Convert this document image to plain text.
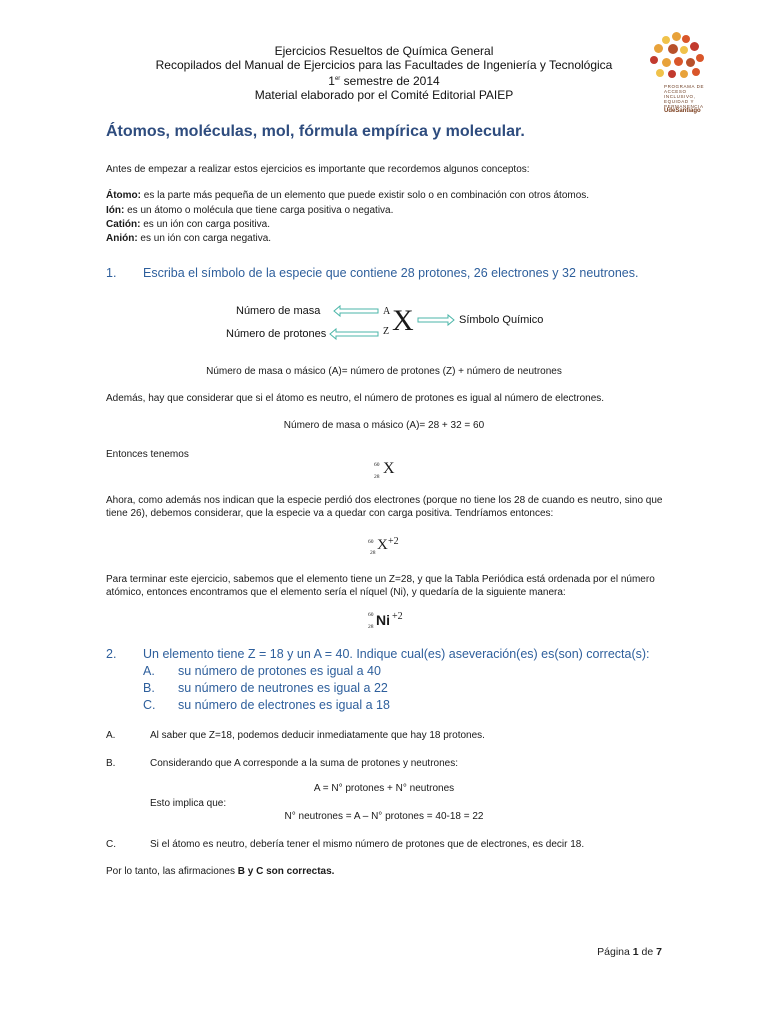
Ejercicios Resueltos de Química General
Recopilados del Manual de Ejercicios para las Facultades de Ingeniería y Tecnológica
1er semestre de 2014
Material elaborado por el Comité Editorial PAIEP
PROGRAMA DE
ACCESO
INCLUSIVO,
EQUIDAD Y
PERMANENCIA
UdeSantiago
Átomos, moléculas, mol, fórmula empírica y molecular.
Antes de empezar a realizar estos ejercicios es importante que recordemos algunos conceptos:
Átomo: es la parte más pequeña de un elemento que puede existir solo o en combinación con otros átomos.
Ión: es un átomo o molécula que tiene carga positiva o negativa.
Catión: es un ión con carga positiva.
Anión: es un ión con carga negativa.
1. Escriba el símbolo de la especie que contiene 28 protones, 26 electrones y 32 neutrones.
Número de masa
Número de protones
A
Z X	Símbolo Químico
Número de masa o másico (A)= número de protones (Z) + número de neutrones
Además, hay que considerar que si el átomo es neutro, el número de protones es igual al número de electrones.
Número de masa o másico (A)= 28 + 32 = 60
Entonces tenemos
60
28 X
Ahora, como además nos indican que la especie perdió dos electrones (porque no tiene los 28 de cuando es neutro, sino que tiene 26), debemos considerar, que la especie va a quedar con carga positiva. Tendríamos entonces:
60
28 X +2
Para terminar este ejercicio, sabemos que el elemento tiene un Z=28, y que la Tabla Periódica está ordenada por el número atómico, entonces encontramos que el elemento sería el níquel (Ni), y quedaría de la siguiente manera:
60
28 Ni +2
2. Un elemento tiene Z = 18 y un A = 40. Indique cual(es) aseveración(es) es(son) correcta(s):
A. su número de protones es igual a 40
B. su número de neutrones es igual a 22
C. su número de electrones es igual a 18
A.	Al saber que Z=18, podemos deducir inmediatamente que hay 18 protones.
B.	Considerando que A corresponde a la suma de protones y neutrones:
A = N° protones + N° neutrones
Esto implica que:
N° neutrones = A – N° protones = 40-18 = 22
C.	Si el átomo es neutro, debería tener el mismo número de protones que de electrones, es decir 18.
Por lo tanto, las afirmaciones B y C son correctas.
Página 1 de 7
